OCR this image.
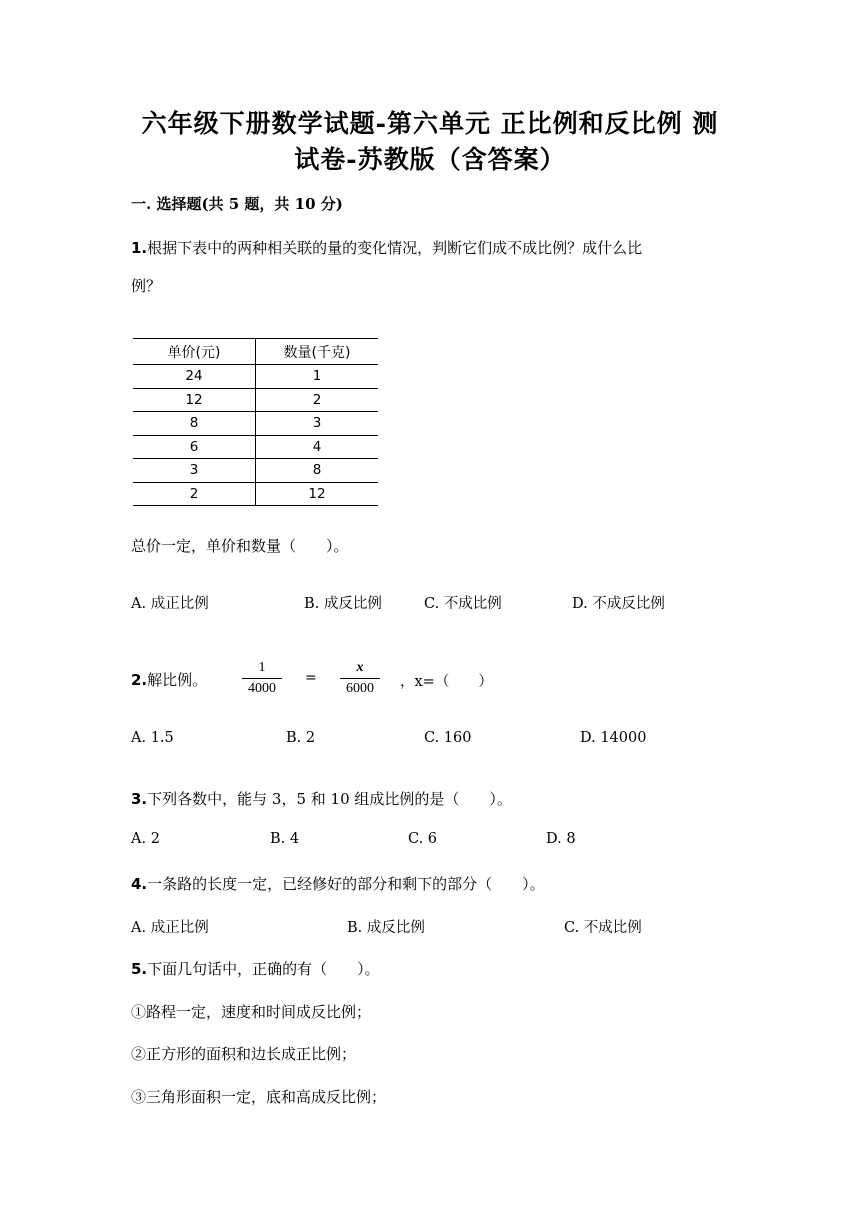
六年级下册数学试题-第六单元 正比例和反比例 测
试卷-苏教版（含答案）
一. 选择题(共 5 题，共 10 分)
1.根据下表中的两种相关联的量的变化情况，判断它们成不成比例？成什么比
例？
单价(元)	数量(千克)
24	1
12	2
8	3
6	4
3	8
2	12
总价一定，单价和数量（　　）。
A. 成正比例	B. 成反比例	C. 不成比例	D. 不成反比例
2.解比例。
1
4000
=
x
6000	，x=（　　）
A. 1.5	B. 2	C. 160	D. 14000
3.下列各数中，能与 3，5 和 10 组成比例的是（　　）。
A. 2	B. 4	C. 6	D. 8
4.一条路的长度一定，已经修好的部分和剩下的部分（　　）。
A. 成正比例	B. 成反比例	C. 不成比例
5.下面几句话中，正确的有（　　）。
①路程一定，速度和时间成反比例；
②正方形的面积和边长成正比例；
③三角形面积一定，底和高成反比例；
